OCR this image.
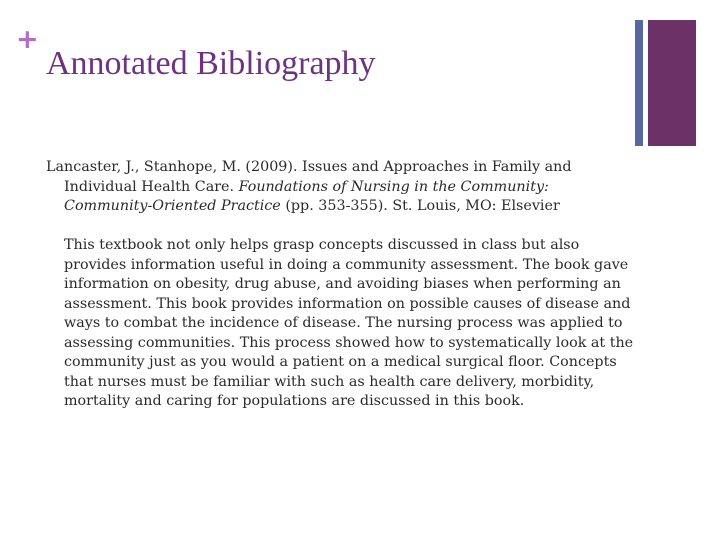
+
Annotated Bibliography

Lancaster, J., Stanhope, M. (2009). Issues and Approaches in Family and Individual Health Care. Foundations of Nursing in the Community: Community-Oriented Practice (pp. 353-355). St. Louis, MO: Elsevier

This textbook not only helps grasp concepts discussed in class but also provides information useful in doing a community assessment. The book gave information on obesity, drug abuse, and avoiding biases when performing an assessment. This book provides information on possible causes of disease and ways to combat the incidence of disease. The nursing process was applied to assessing communities. This process showed how to systematically look at the community just as you would a patient on a medical surgical floor. Concepts that nurses must be familiar with such as health care delivery, morbidity, mortality and caring for populations are discussed in this book.
